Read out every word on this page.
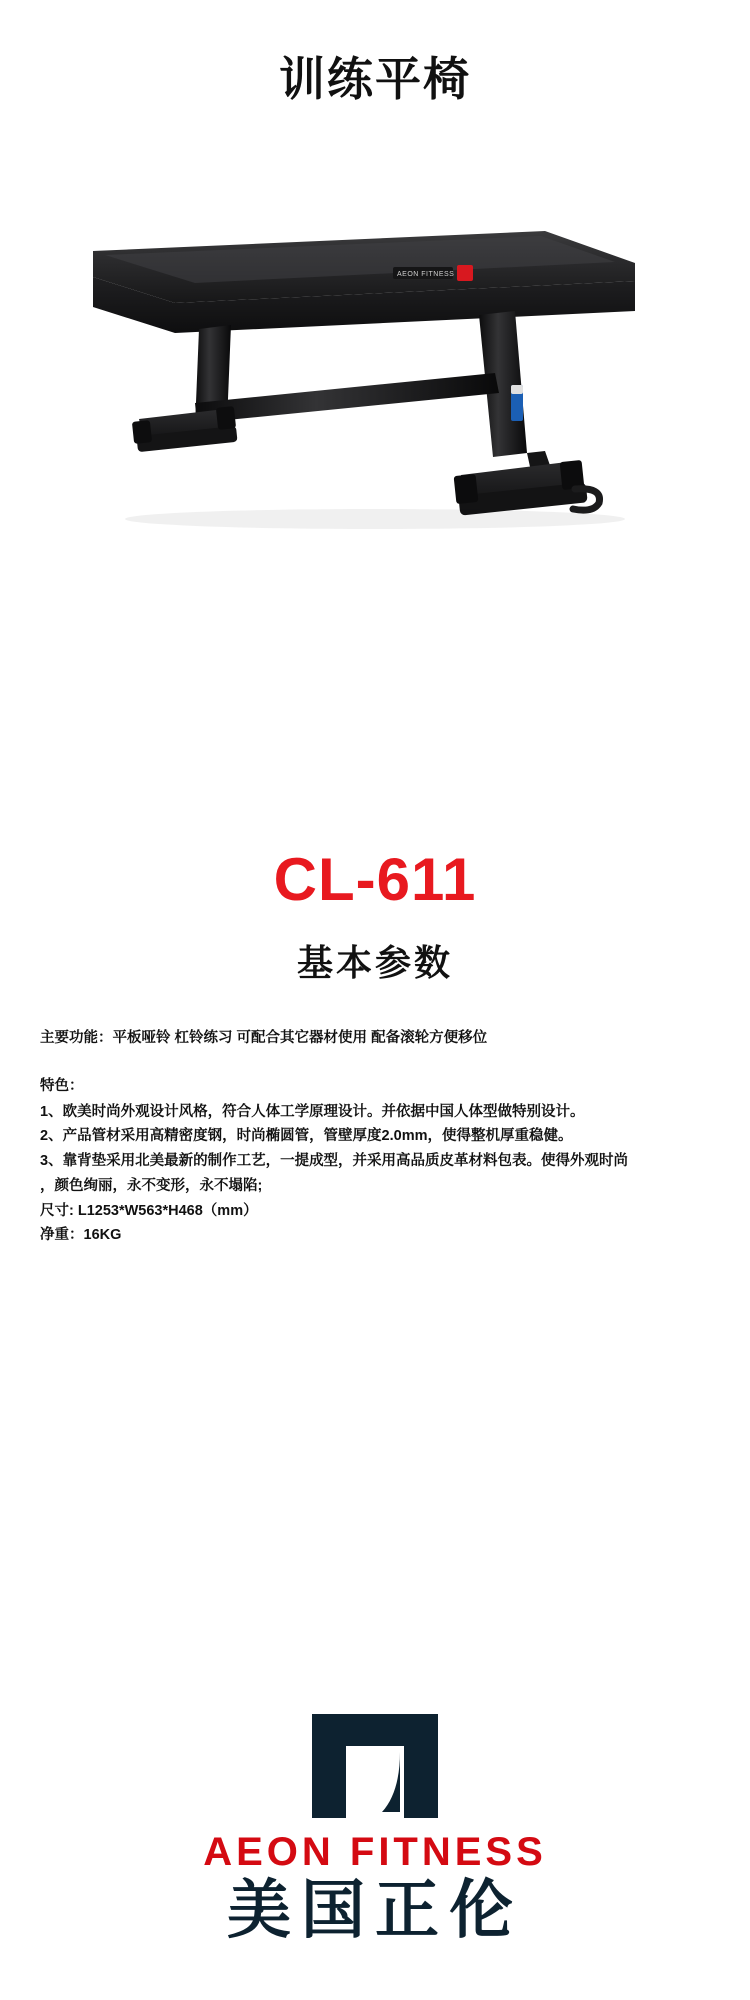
训练平椅
AEON FITNESS
CL-611
基本参数
主要功能：平板哑铃 杠铃练习 可配合其它器材使用 配备滚轮方便移位
特色：
1、欧美时尚外观设计风格，符合人体工学原理设计。并依据中国人体型做特别设计。
2、产品管材采用高精密度钢，时尚椭圆管，管壁厚度2.0mm，使得整机厚重稳健。
3、靠背垫采用北美最新的制作工艺，一提成型，并采用高品质皮革材料包表。使得外观时尚
，颜色绚丽，永不变形，永不塌陷;
尺寸: L1253*W563*H468（mm）
净重：16KG
AEON FITNESS
美国正伦
